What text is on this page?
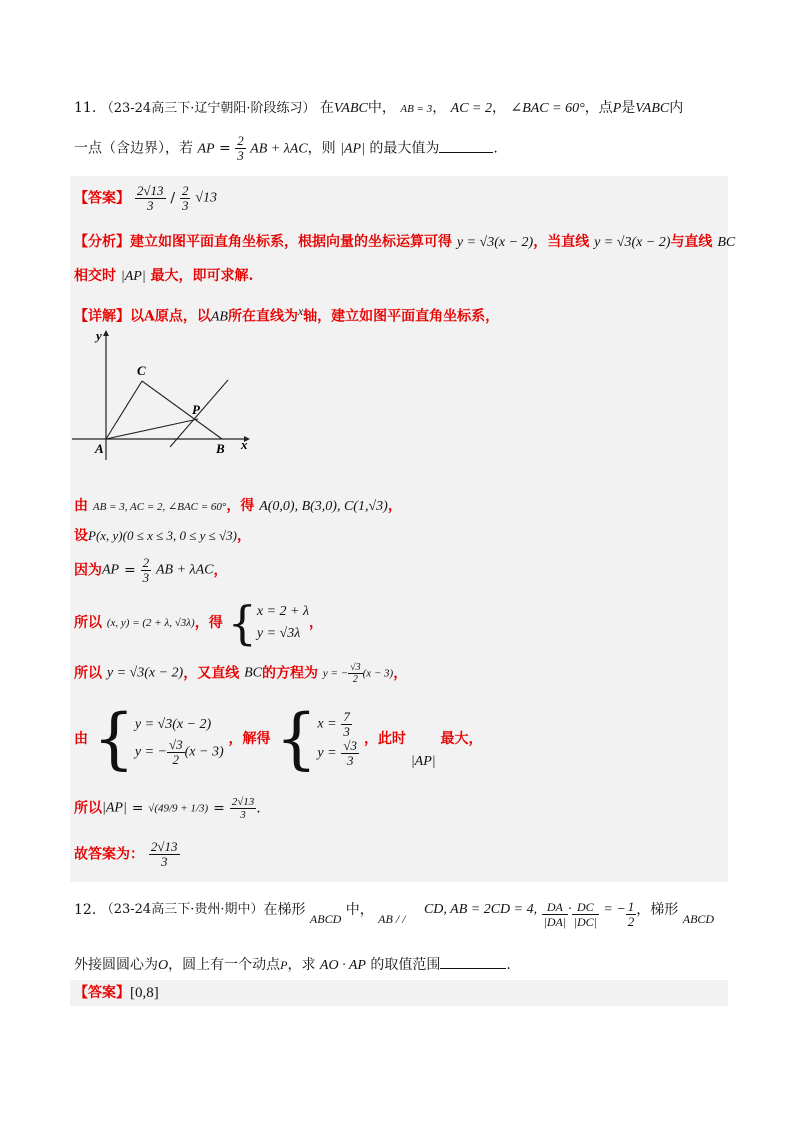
11. （23-24高三下·辽宁朝阳·阶段练习） 在VABC中， AB = 3， AC = 2， ∠BAC = 60°，点P是VABC内
一点（含边界），若 AP = $\frac{2}{3}$ AB + λAC，则 |AP| 的最大值为	.
【答案】 $\frac{2√13}{3} / \frac{2}{3} √13$
【分析】建立如图平面直角坐标系，根据向量的坐标运算可得 y = √3(x − 2)，当直线 y = √3(x − 2)与直线 BC
相交时 |AP| 最大，即可求解.
【详解】以A原点，以AB所在直线为$^x$轴，建立如图平面直角坐标系，
y
C
P
A	B x
由 AB = 3, AC = 2, ∠BAC = 60°，得 A(0,0), B(3,0), C(1,√3)，
设P(x, y)(0 ≤ x ≤ 3, 0 ≤ y ≤ √3)，
因为AP = $\frac{2}{3}$ AB + λAC，
所以 (x, y) = (2 + λ, √3λ)，得 { x = 2 + λ
y = √3λ
，
所以 y = √3(x − 2)，又直线 BC的方程为 y = − $\frac{√3}{2} (x - 3)$，
由 { y = √3(x − 2)
y = − $\frac{√3}{2} (x - 3)$
，解得 { $x = \frac{7}{3}$
$y = \frac{√3}{3}$ ，此时 |AP| 最大，
所以$|AP| = √(49/9 + 1/3) = \frac{2√13}{3}$ .
故答案为： $\frac{2√13}{3}$
12. （23-24高三下·贵州·期中）在梯形 ABCD 中， AB / / CD, AB = 2CD = 4, $\frac{DA}{|DA|} \cdot \frac{DC}{|DC|}$ = − $\frac{1}{2}$ ，梯形 ABCD
外接圆圆心为O，圆上有一个动点P，求 AO · AP 的取值范围	.
【答案】[0,8]
